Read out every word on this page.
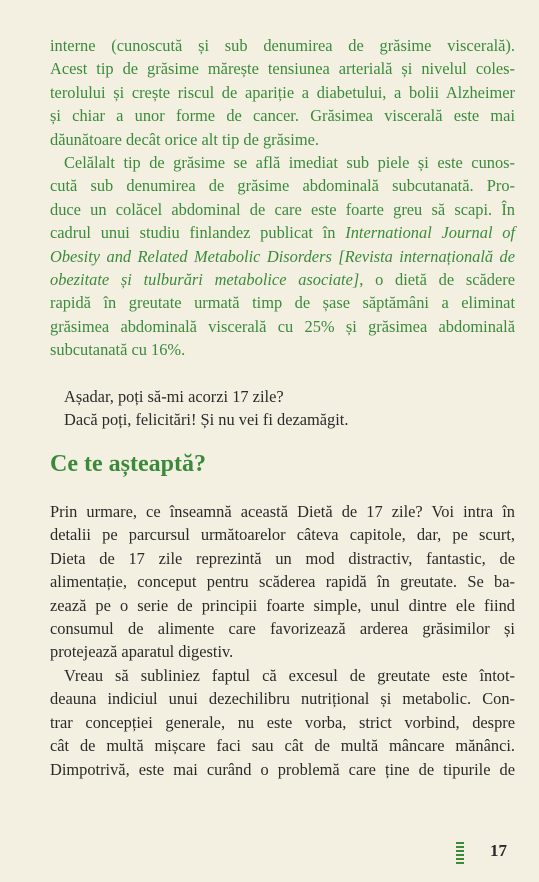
interne (cunoscută și sub denumirea de grăsime viscerală).
Acest tip de grăsime mărește tensiunea arterială și nivelul coles-
terolului și crește riscul de apariție a diabetului, a bolii Alzheimer
și chiar a unor forme de cancer. Grăsimea viscerală este mai
dăunătoare decât orice alt tip de grăsime.
Celălalt tip de grăsime se află imediat sub piele și este cunos-
cută sub denumirea de grăsime abdominală subcutanată. Pro-
duce un colăcel abdominal de care este foarte greu să scapi. În
cadrul unui studiu finlandez publicat în International Journal of
Obesity and Related Metabolic Disorders [Revista internațională de
obezitate și tulburări metabolice asociate], o dietă de scădere
rapidă în greutate urmată timp de șase săptămâni a eliminat
grăsimea abdominală viscerală cu 25% și grăsimea abdominală
subcutanată cu 16%.
Așadar, poți să-mi acorzi 17 zile?
Dacă poți, felicitări! Și nu vei fi dezamăgit.
Ce te așteaptă?
Prin urmare, ce înseamnă această Dietă de 17 zile? Voi intra în
detalii pe parcursul următoarelor câteva capitole, dar, pe scurt,
Dieta de 17 zile reprezintă un mod distractiv, fantastic, de
alimentație, conceput pentru scăderea rapidă în greutate. Se ba-
zează pe o serie de principii foarte simple, unul dintre ele fiind
consumul de alimente care favorizează arderea grăsimilor și
protejează aparatul digestiv.
Vreau să subliniez faptul că excesul de greutate este întot-
deauna indiciul unui dezechilibru nutrițional și metabolic. Con-
trar concepției generale, nu este vorba, strict vorbind, despre
cât de multă mișcare faci sau cât de multă mâncare mănânci.
Dimpotrivă, este mai curând o problemă care ține de tipurile de
17
